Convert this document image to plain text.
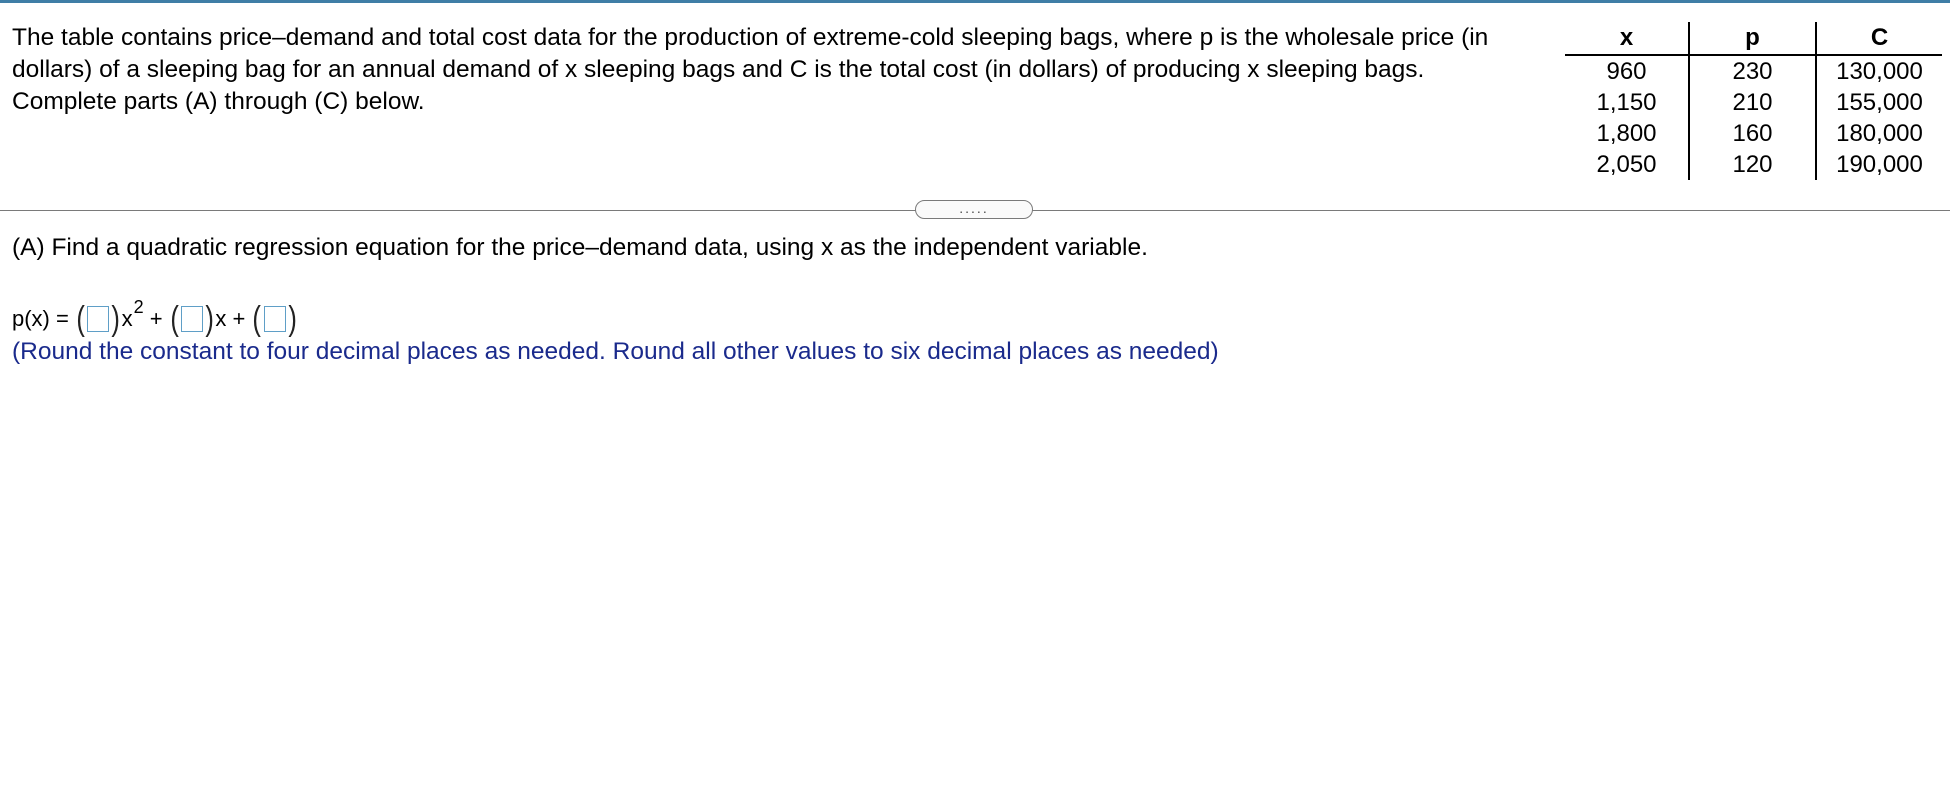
The table contains price–demand and total cost data for the production of extreme-cold sleeping bags, where p is the wholesale price (in dollars) of a sleeping bag for an annual demand of x sleeping bags and C is the total cost (in dollars) of producing x sleeping bags. Complete parts (A) through (C) below.

x	p	C
960	230	130,000
1,150	210	155,000
1,800	160	180,000
2,050	120	190,000
.....

(A) Find a quadratic regression equation for the price–demand data, using x as the independent variable.

p(x) = ( ) x 2 + ( ) x + ( )

(Round the constant to four decimal places as needed. Round all other values to six decimal places as needed)
